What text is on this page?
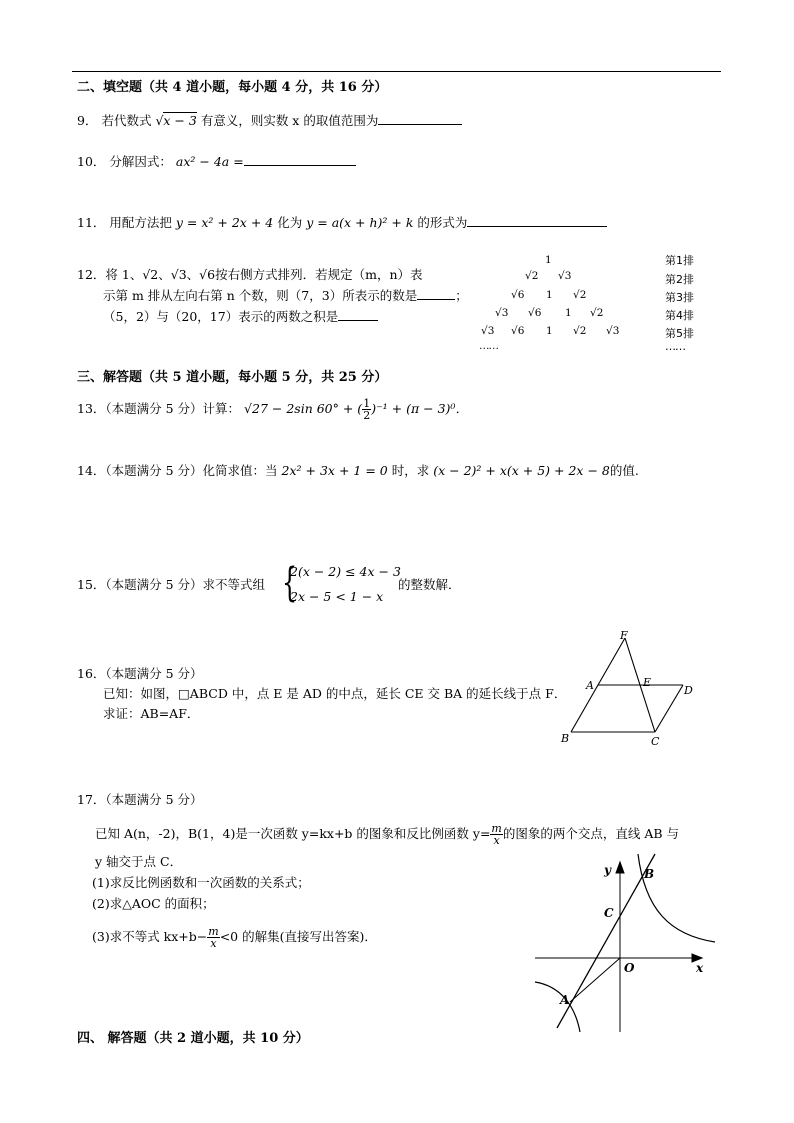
二、填空题（共 4 道小题，每小题 4 分，共 16 分）
9． 若代数式 √x − 3 有意义，则实数 x 的取值范围为
10． 分解因式： ax² − 4a =
11． 用配方法把 y = x² + 2x + 4 化为 y = a(x + h)² + k 的形式为
12．将 1、√2、√3、√6按右侧方式排列．若规定（m，n）表
示第 m 排从左向右第 n 个数，则（7，3）所表示的数是	；
（5，2）与（20，17）表示的两数之积是
1
√2 √3
√6 1 √2
√3 √6 1 √2
√3 √6 1 √2 √3
……
第1排
第2排
第3排
第4排
第5排
……
三、解答题（共 5 道小题，每小题 5 分，共 25 分）
13．（本题满分 5 分）计算： √27 − 2sin 60° + ( $\frac{1}{2} )^{-1} + (\pi - 3)^0$．
14．（本题满分 5 分）化简求值：当 2x² + 3x + 1 = 0 时，求 (x − 2)² + x(x + 5) + 2x − 8的值.
15．（本题满分 5 分）求不等式组 {
2(x − 2) ≤ 4x − 3
2x − 5 < 1 − x
的整数解．
16．（本题满分 5 分）
已知：如图，□ABCD 中，点 E 是 AD 的中点，延长 CE 交 BA 的延长线于点 F．
求证：AB=AF．
F
A	E
D
B	C
17．（本题满分 5 分）
已知 A(n，-2)，B(1，4)是一次函数 y=kx+b 的图象和反比例函数 $y= \frac{m}{x}$ 的图象的两个交点，直线 AB 与
y 轴交于点 C．
(1)求反比例函数和一次函数的关系式；
(2)求△AOC 的面积；
(3)求不等式 $kx+b- \frac{m}{x} <0$ 的解集(直接写出答案)．
y
x
O
A
B
C
四、 解答题（共 2 道小题，共 10 分）
